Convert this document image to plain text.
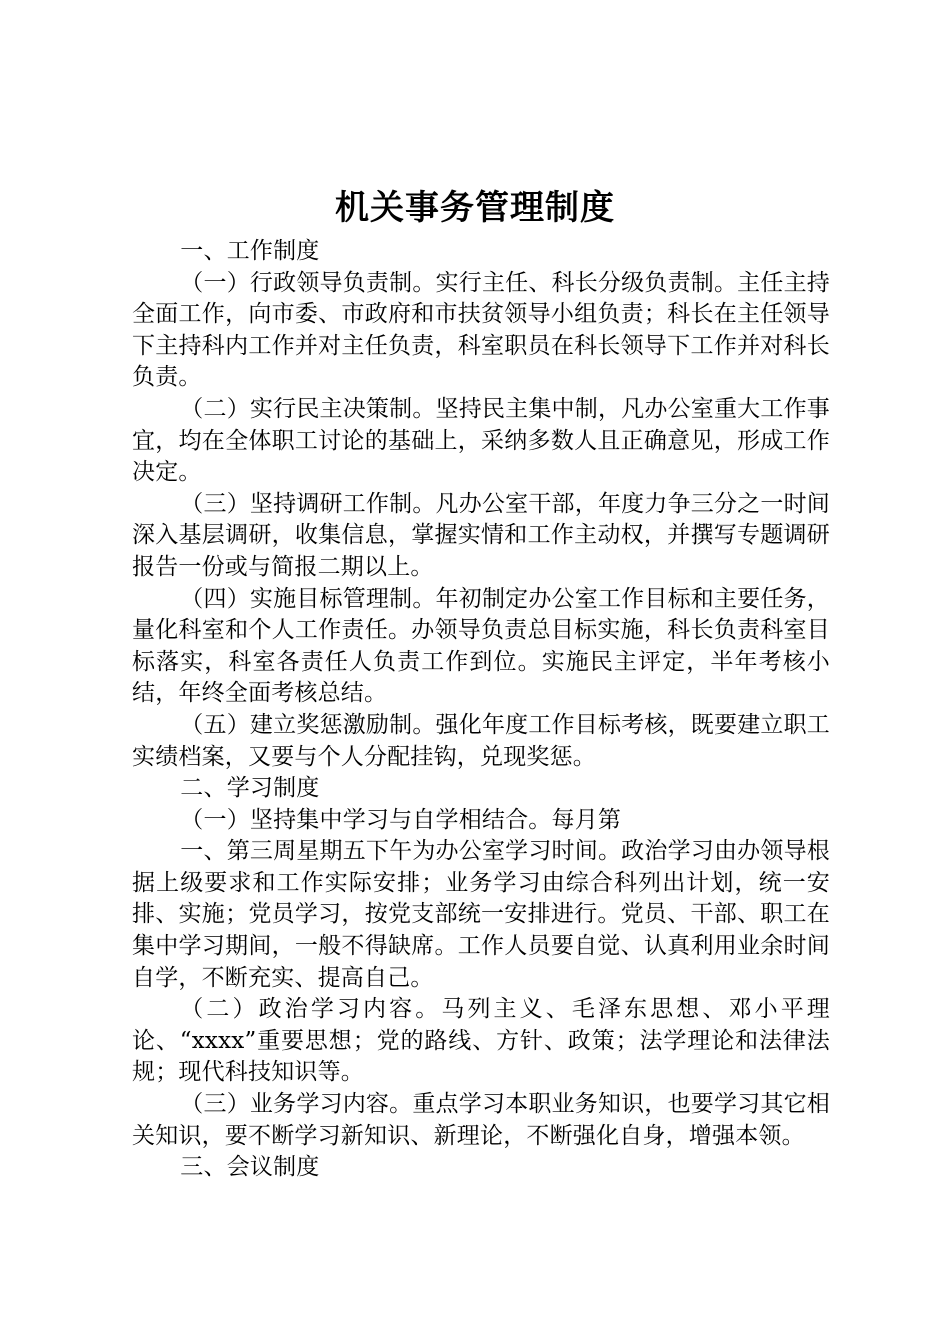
机关事务管理制度

一、工作制度

（一）行政领导负责制。实行主任、科长分级负责制。主任主持全面工作，向市委、市政府和市扶贫领导小组负责；科长在主任领导下主持科内工作并对主任负责，科室职员在科长领导下工作并对科长负责。

（二）实行民主决策制。坚持民主集中制，凡办公室重大工作事宜，均在全体职工讨论的基础上，采纳多数人且正确意见，形成工作决定。

（三）坚持调研工作制。凡办公室干部，年度力争三分之一时间深入基层调研，收集信息，掌握实情和工作主动权，并撰写专题调研报告一份或与简报二期以上。

（四）实施目标管理制。年初制定办公室工作目标和主要任务，量化科室和个人工作责任。办领导负责总目标实施，科长负责科室目标落实，科室各责任人负责工作到位。实施民主评定，半年考核小结，年终全面考核总结。

（五）建立奖惩激励制。强化年度工作目标考核，既要建立职工实绩档案，又要与个人分配挂钩，兑现奖惩。

二、学习制度

（一）坚持集中学习与自学相结合。每月第

一、第三周星期五下午为办公室学习时间。政治学习由办领导根据上级要求和工作实际安排；业务学习由综合科列出计划，统一安排、实施；党员学习，按党支部统一安排进行。党员、干部、职工在集中学习期间，一般不得缺席。工作人员要自觉、认真利用业余时间自学，不断充实、提高自己。

（二）政治学习内容。马列主义、毛泽东思想、邓小平理论、“xxxx”重要思想；党的路线、方针、政策；法学理论和法律法规；现代科技知识等。

（三）业务学习内容。重点学习本职业务知识，也要学习其它相关知识，要不断学习新知识、新理论，不断强化自身，增强本领。

三、会议制度
